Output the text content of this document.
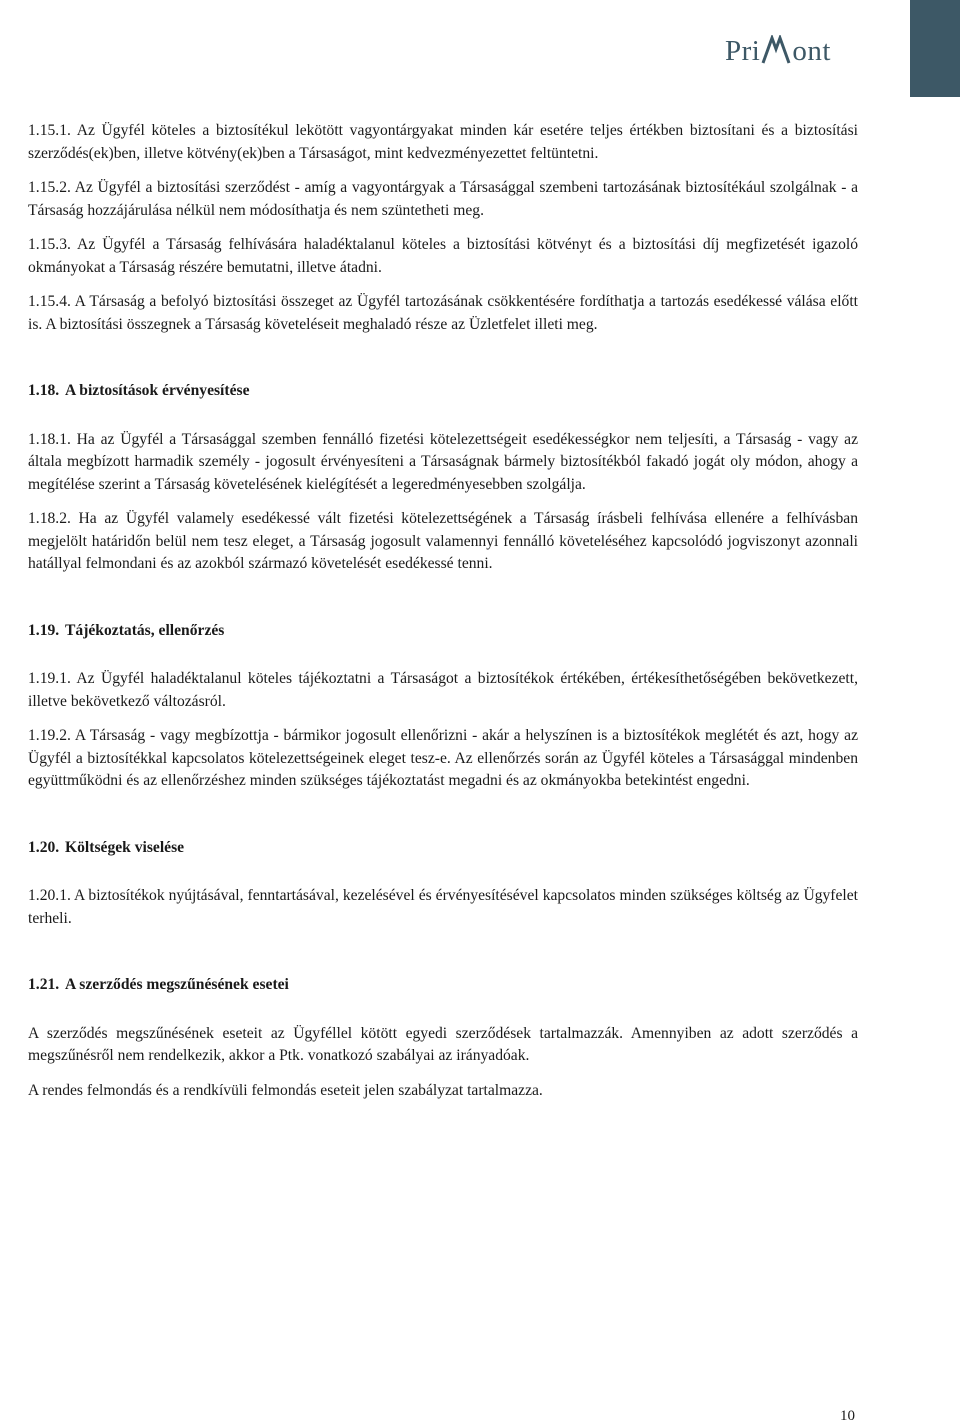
Pri ont

1.15.1. Az Ügyfél köteles a biztosítékul lekötött vagyontárgyakat minden kár esetére teljes értékben biztosítani és a biztosítási szerződés(ek)ben, illetve kötvény(ek)ben a Társaságot, mint kedvezményezettet feltüntetni.

1.15.2. Az Ügyfél a biztosítási szerződést - amíg a vagyontárgyak a Társasággal szembeni tartozásának biztosítékául szolgálnak - a Társaság hozzájárulása nélkül nem módosíthatja és nem szüntetheti meg.

1.15.3. Az Ügyfél a Társaság felhívására haladéktalanul köteles a biztosítási kötvényt és a biztosítási díj megfizetését igazoló okmányokat a Társaság részére bemutatni, illetve átadni.

1.15.4. A Társaság a befolyó biztosítási összeget az Ügyfél tartozásának csökkentésére fordíthatja a tartozás esedékessé válása előtt is. A biztosítási összegnek a Társaság követeléseit meghaladó része az Üzletfelet illeti meg.

1.18. A biztosítások érvényesítése

1.18.1. Ha az Ügyfél a Társasággal szemben fennálló fizetési kötelezettségeit esedékességkor nem teljesíti, a Társaság - vagy az általa megbízott harmadik személy - jogosult érvényesíteni a Társaságnak bármely biztosítékból fakadó jogát oly módon, ahogy a megítélése szerint a Társaság követelésének kielégítését a legeredményesebben szolgálja.

1.18.2. Ha az Ügyfél valamely esedékessé vált fizetési kötelezettségének a Társaság írásbeli felhívása ellenére a felhívásban megjelölt határidőn belül nem tesz eleget, a Társaság jogosult valamennyi fennálló követeléséhez kapcsolódó jogviszonyt azonnali hatállyal felmondani és az azokból származó követelését esedékessé tenni.

1.19. Tájékoztatás, ellenőrzés

1.19.1. Az Ügyfél haladéktalanul köteles tájékoztatni a Társaságot a biztosítékok értékében, értékesíthetőségében bekövetkezett, illetve bekövetkező változásról.

1.19.2. A Társaság - vagy megbízottja - bármikor jogosult ellenőrizni - akár a helyszínen is a biztosítékok meglétét és azt, hogy az Ügyfél a biztosítékkal kapcsolatos kötelezettségeinek eleget tesz-e. Az ellenőrzés során az Ügyfél köteles a Társasággal mindenben együttműködni és az ellenőrzéshez minden szükséges tájékoztatást megadni és az okmányokba betekintést engedni.

1.20. Költségek viselése

1.20.1. A biztosítékok nyújtásával, fenntartásával, kezelésével és érvényesítésével kapcsolatos minden szükséges költség az Ügyfelet terheli.

1.21. A szerződés megszűnésének esetei

A szerződés megszűnésének eseteit az Ügyféllel kötött egyedi szerződések tartalmazzák. Amennyiben az adott szerződés a megszűnésről nem rendelkezik, akkor a Ptk. vonatkozó szabályai az irányadóak.

A rendes felmondás és a rendkívüli felmondás eseteit jelen szabályzat tartalmazza.

10
